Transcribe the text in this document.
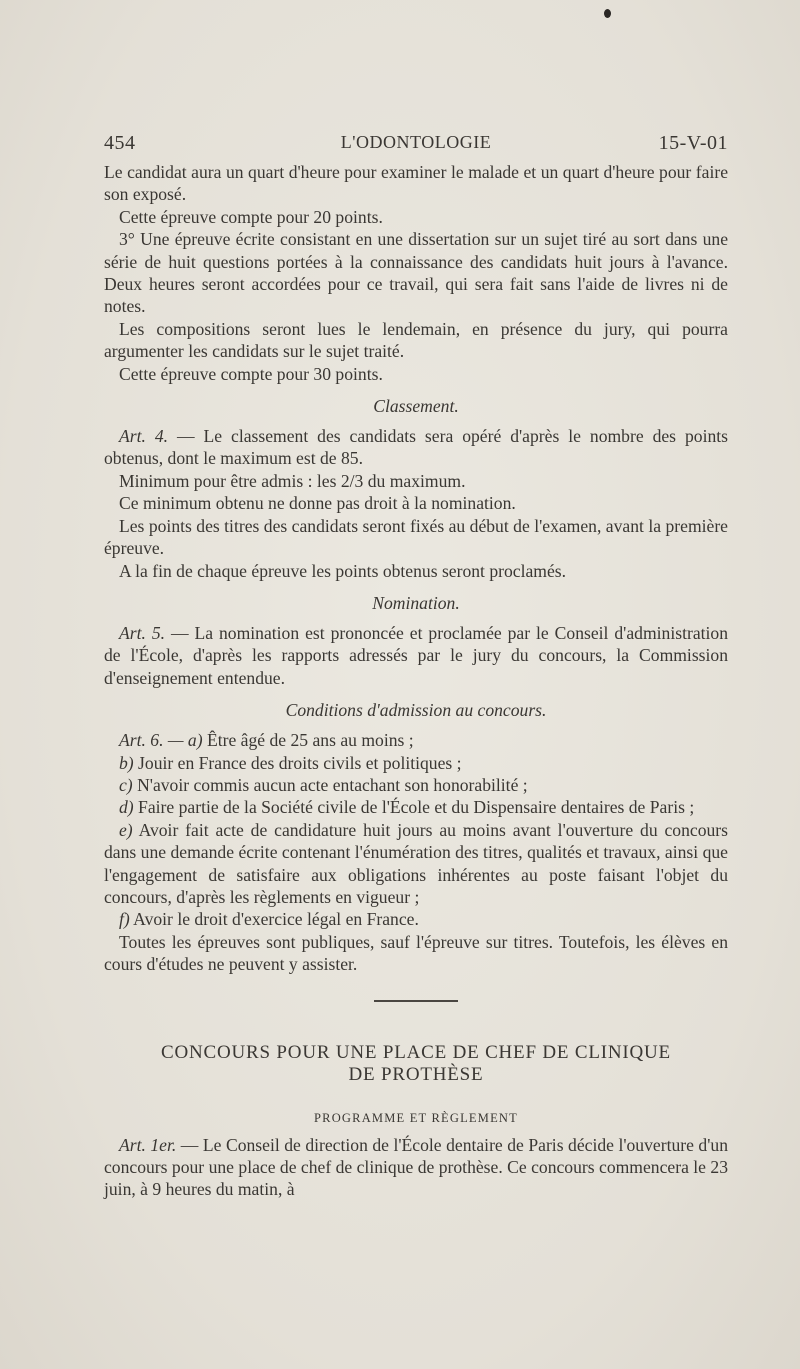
454	L'ODONTOLOGIE	15-V-01

Le candidat aura un quart d'heure pour examiner le malade et un quart d'heure pour faire son exposé.

Cette épreuve compte pour 20 points.

3° Une épreuve écrite consistant en une dissertation sur un sujet tiré au sort dans une série de huit questions portées à la connaissance des candidats huit jours à l'avance. Deux heures seront accordées pour ce travail, qui sera fait sans l'aide de livres ni de notes.

Les compositions seront lues le lendemain, en présence du jury, qui pourra argumenter les candidats sur le sujet traité.

Cette épreuve compte pour 30 points.

Classement.

Art. 4. — Le classement des candidats sera opéré d'après le nombre des points obtenus, dont le maximum est de 85.

Minimum pour être admis : les 2/3 du maximum.

Ce minimum obtenu ne donne pas droit à la nomination.

Les points des titres des candidats seront fixés au début de l'examen, avant la première épreuve.

A la fin de chaque épreuve les points obtenus seront proclamés.

Nomination.

Art. 5. — La nomination est prononcée et proclamée par le Conseil d'administration de l'École, d'après les rapports adressés par le jury du concours, la Commission d'enseignement entendue.

Conditions d'admission au concours.

Art. 6. — a) Être âgé de 25 ans au moins ;

b) Jouir en France des droits civils et politiques ;

c) N'avoir commis aucun acte entachant son honorabilité ;

d) Faire partie de la Société civile de l'École et du Dispensaire dentaires de Paris ;

e) Avoir fait acte de candidature huit jours au moins avant l'ouverture du concours dans une demande écrite contenant l'énumération des titres, qualités et travaux, ainsi que l'engagement de satisfaire aux obligations inhérentes au poste faisant l'objet du concours, d'après les règlements en vigueur ;

f) Avoir le droit d'exercice légal en France.

Toutes les épreuves sont publiques, sauf l'épreuve sur titres. Toutefois, les élèves en cours d'études ne peuvent y assister.

CONCOURS POUR UNE PLACE DE CHEF DE CLINIQUE
DE PROTHÈSE

PROGRAMME ET RÈGLEMENT

Art. 1er. — Le Conseil de direction de l'École dentaire de Paris décide l'ouverture d'un concours pour une place de chef de clinique de prothèse. Ce concours commencera le 23 juin, à 9 heures du matin, à
